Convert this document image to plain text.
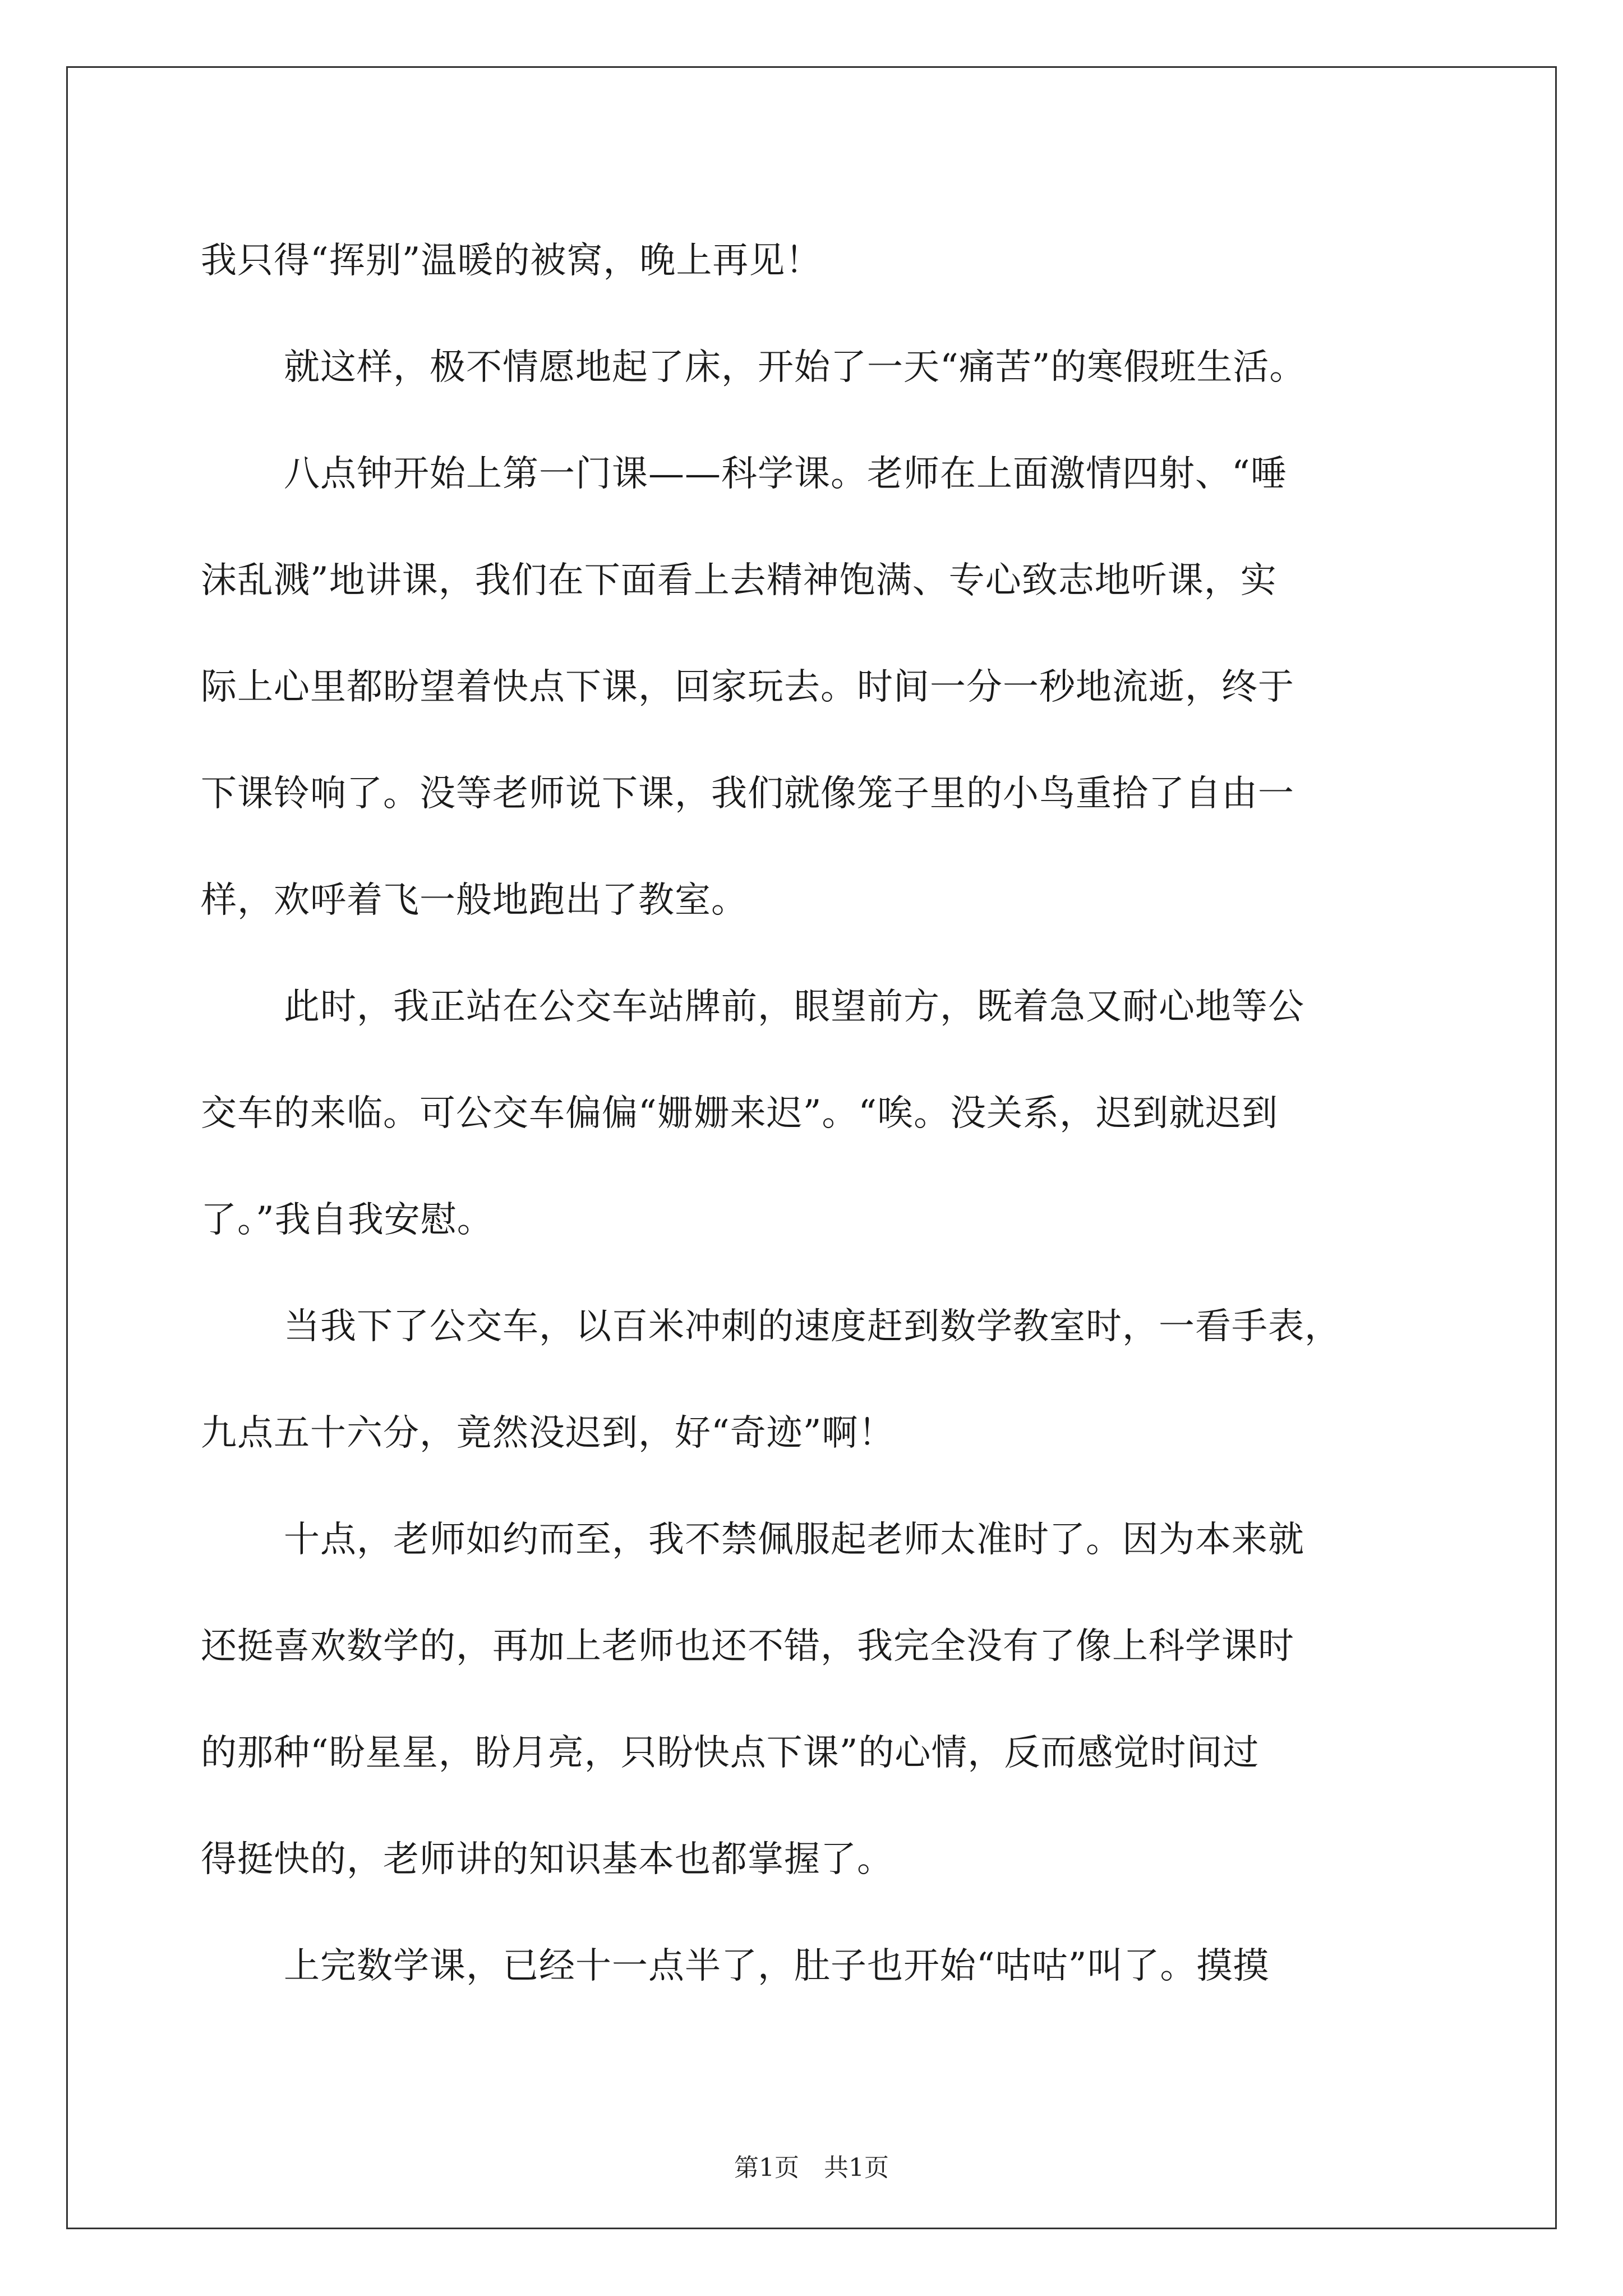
我只得“挥别”温暖的被窝，晚上再见！
就这样，极不情愿地起了床，开始了一天“痛苦”的寒假班生活。
八点钟开始上第一门课——科学课。老师在上面激情四射、“唾
沫乱溅”地讲课，我们在下面看上去精神饱满、专心致志地听课，实
际上心里都盼望着快点下课，回家玩去。时间一分一秒地流逝，终于
下课铃响了。没等老师说下课，我们就像笼子里的小鸟重拾了自由一
样，欢呼着飞一般地跑出了教室。
此时，我正站在公交车站牌前，眼望前方，既着急又耐心地等公
交车的来临。可公交车偏偏“姗姗来迟”。“唉。没关系，迟到就迟到
了。”我自我安慰。
当我下了公交车，以百米冲刺的速度赶到数学教室时，一看手表，
九点五十六分，竟然没迟到，好“奇迹”啊！
十点，老师如约而至，我不禁佩服起老师太准时了。因为本来就
还挺喜欢数学的，再加上老师也还不错，我完全没有了像上科学课时
的那种“盼星星，盼月亮，只盼快点下课”的心情，反而感觉时间过
得挺快的，老师讲的知识基本也都掌握了。
上完数学课，已经十一点半了，肚子也开始“咕咕”叫了。摸摸
第1页　共1页
